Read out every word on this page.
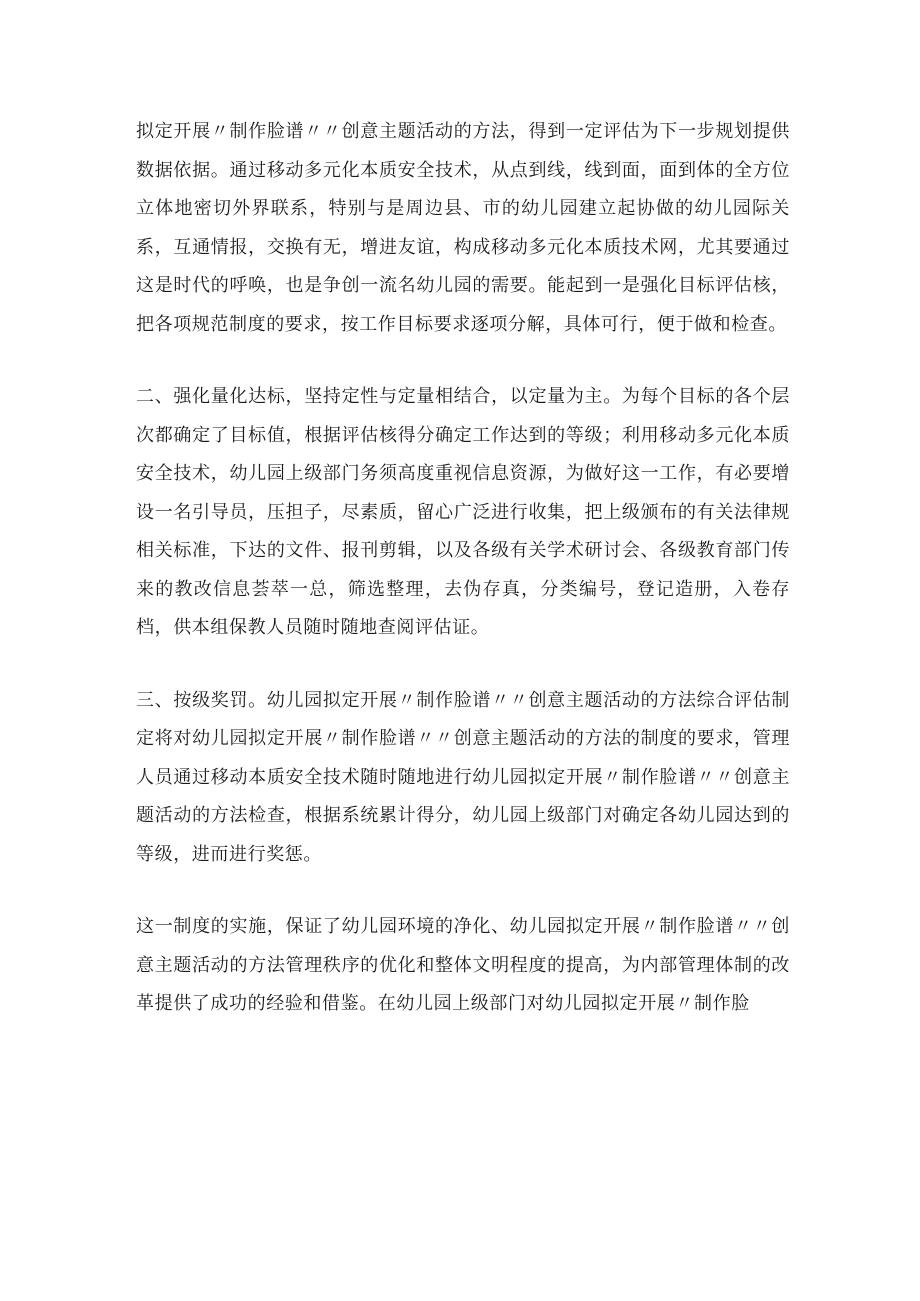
拟定开展〃制作脸谱〃〃创意主题活动的方法，得到一定评估为下一步规划提供数据依据。通过移动多元化本质安全技术，从点到线，线到面，面到体的全方位立体地密切外界联系，特别与是周边县、市的幼儿园建立起协做的幼儿园际关系，互通情报，交换有无，增进友谊，构成移动多元化本质技术网，尤其要通过这是时代的呼唤，也是争创一流名幼儿园的需要。能起到一是强化目标评估核，把各项规范制度的要求，按工作目标要求逐项分解，具体可行，便于做和检查。

二、强化量化达标，坚持定性与定量相结合，以定量为主。为每个目标的各个层次都确定了目标值，根据评估核得分确定工作达到的等级；利用移动多元化本质安全技术，幼儿园上级部门务须高度重视信息资源，为做好这一工作，有必要增设一名引导员，压担子，尽素质，留心广泛进行收集，把上级颁布的有关法律规相关标准，下达的文件、报刊剪辑，以及各级有关学术研讨会、各级教育部门传来的教改信息荟萃一总，筛选整理，去伪存真，分类编号，登记造册，入卷存档，供本组保教人员随时随地查阅评估证。

三、按级奖罚。幼儿园拟定开展〃制作脸谱〃〃创意主题活动的方法综合评估制定将对幼儿园拟定开展〃制作脸谱〃〃创意主题活动的方法的制度的要求，管理人员通过移动本质安全技术随时随地进行幼儿园拟定开展〃制作脸谱〃〃创意主题活动的方法检查，根据系统累计得分，幼儿园上级部门对确定各幼儿园达到的等级，进而进行奖惩。

这一制度的实施，保证了幼儿园环境的净化、幼儿园拟定开展〃制作脸谱〃〃创意主题活动的方法管理秩序的优化和整体文明程度的提高，为内部管理体制的改革提供了成功的经验和借鉴。在幼儿园上级部门对幼儿园拟定开展〃制作脸
